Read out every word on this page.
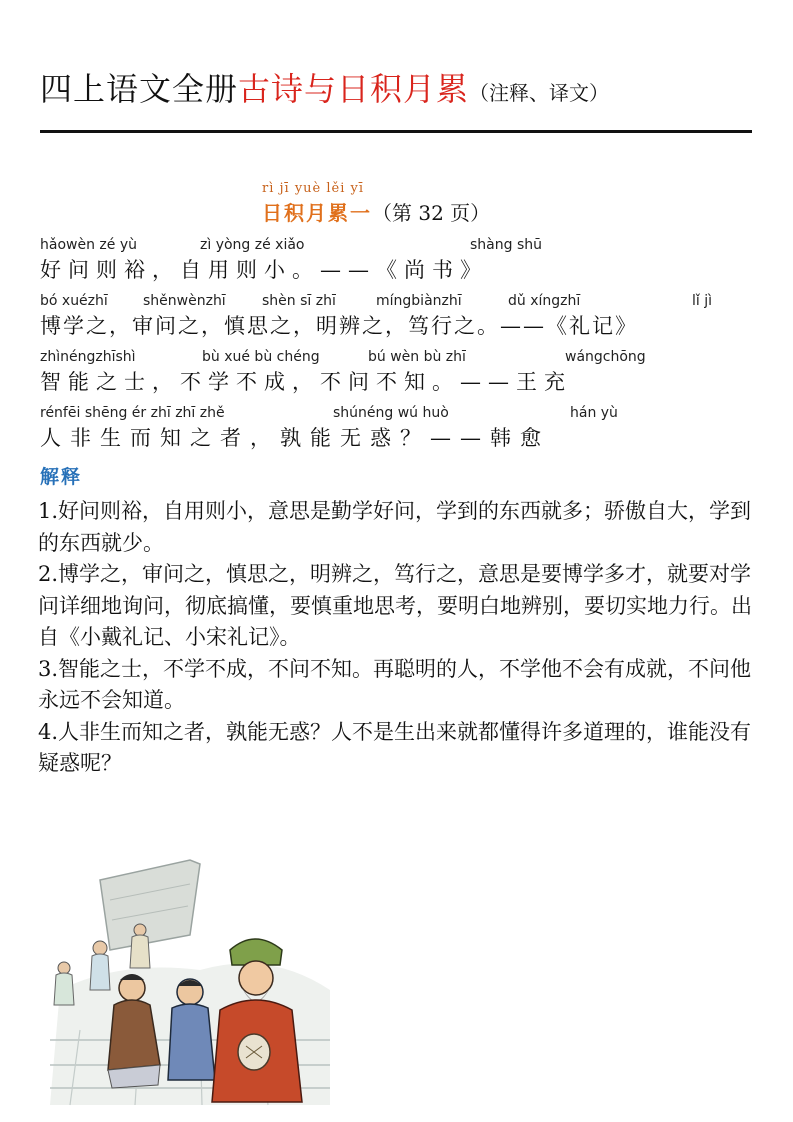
四上语文全册古诗与日积月累（注释、译文）
rì jī yuè lěi yī
日积月累一（第 32 页）
hǎowèn zé yù	zì yòng zé xiǎo	shàng shū
好问则裕，自用则小。——《尚书》
bó xuézhī	shěnwènzhī	shèn sī zhī	míngbiànzhī	dǔ xíngzhī	lǐ jì
博学之，审问之，慎思之，明辨之，笃行之。——《礼记》
zhìnéngzhīshì	bù xué bù chéng	bú wèn bù zhī	wángchōng
智能之士，不学不成，不问不知。——王充
rénfēi shēng ér zhī zhī zhě	shúnéng wú huò	hán yù
人非生而知之者，孰能无惑？——韩愈
解释

1.好问则裕，自用则小，意思是勤学好问，学到的东西就多；骄傲自大，学到的东西就少。

2.博学之，审问之，慎思之，明辨之，笃行之，意思是要博学多才，就要对学问详细地询问，彻底搞懂，要慎重地思考，要明白地辨别，要切实地力行。出自《小戴礼记、小宋礼记》。

3.智能之士，不学不成，不问不知。再聪明的人，不学他不会有成就，不问他永远不会知道。

4.人非生而知之者，孰能无惑？人不是生出来就都懂得许多道理的，谁能没有疑惑呢？
